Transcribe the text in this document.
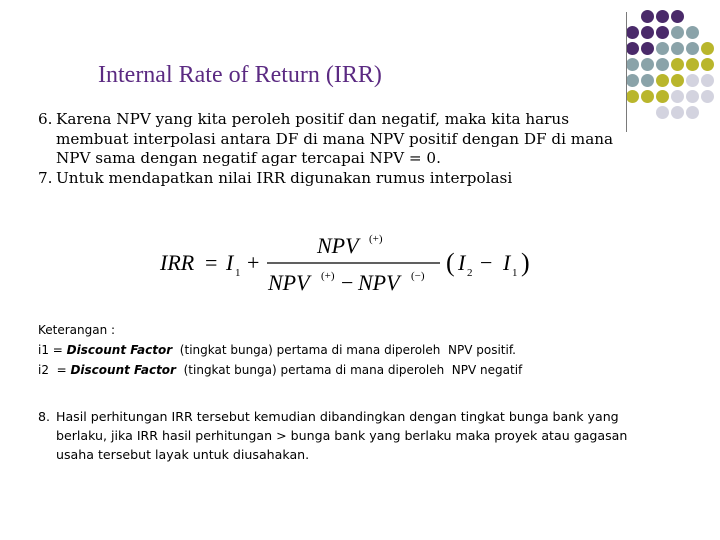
Internal Rate of Return (IRR)
6. Karena NPV yang kita peroleh positif dan negatif, maka kita harus membuat interpolasi antara DF di mana NPV positif dengan DF di mana NPV sama dengan negatif agar tercapai NPV = 0.
7. Untuk mendapatkan nilai IRR digunakan rumus interpolasi
IRR = I 1 +
NPV (+)
NPV (+) − NPV (−) ( I 2 − I 1 )
Keterangan :
i1 = Discount Factor  (tingkat bunga) pertama di mana diperoleh  NPV positif.
i2  = Discount Factor  (tingkat bunga) pertama di mana diperoleh  NPV negatif
8. Hasil perhitungan IRR tersebut kemudian dibandingkan dengan tingkat bunga bank yang berlaku, jika IRR hasil perhitungan > bunga bank yang berlaku maka proyek atau gagasan usaha tersebut layak untuk diusahakan.
